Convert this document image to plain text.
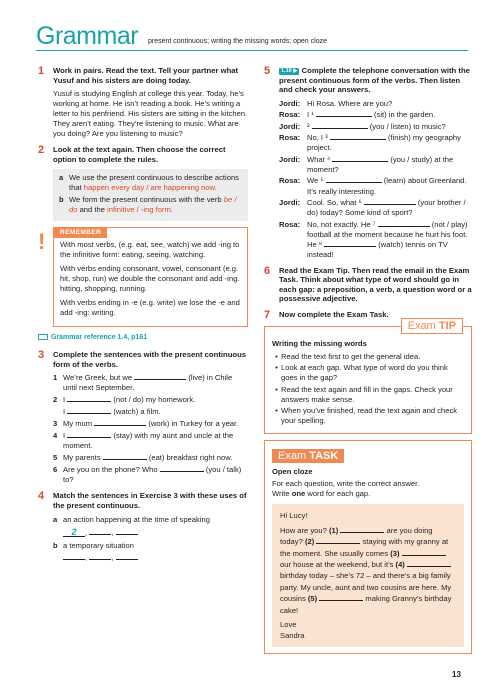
Grammar present continuous; writing the missing words; open cloze
1 Work in pairs. Read the text. Tell your partner what Yusuf and his sisters are doing today.

Yusuf is studying English at college this year. Today, he’s working at home. He isn’t reading a book. He’s writing a letter to his penfriend. His sisters are sitting in the kitchen. They aren’t eating. They’re listening to music. What are you doing? Are you listening to music?

2 Look at the text again. Then choose the correct option to complete the rules.
a We use the present continuous to describe actions that happen every day / are happening now.
b We form the present continuous with the verb be / do and the infinitive / -ing form.
!	REMEMBER

With most verbs, (e.g. eat, see, watch) we add -ing to the infinitive form: eating, seeing, watching.

With verbs ending consonant, vowel, consonant (e.g. hit, shop, run) we double the consonant and add -ing. hitting, shopping, running.

With verbs ending in -e (e.g. write) we lose the -e and add -ing: writing.

Grammar reference 1.4, p161
3 Complete the sentences with the present continuous form of the verbs.
1 We’re Greek, but we	(live) in Chile until next September.
2 I	(not / do) my homework.
I	(watch) a film.
3 My mum	(work) in Turkey for a year.
4 I	(stay) with my aunt and uncle at the moment.
5 My parents	(eat) breakfast right now.
6 Are you on the phone? Who	(you / talk) to?
4 Match the sentences in Exercise 3 with these uses of the present continuous.
a an action happening at the time of speaking
2 ,	,
b a temporary situation
,	,
5	1.10 ▶ Complete the telephone conversation with the present continuous form of the verbs. Then listen and check your answers.
Jordi: Hi Rosa. Where are you?
Rosa: I ¹	(sit) in the garden.
Jordi: ²	(you / listen) to music?
Rosa: No, I ³	(finish) my geography project.
Jordi: What ⁴	(you / study) at the moment?
Rosa: We ⁵	(learn) about Greenland. It’s really interesting.
Jordi: Cool. So, what ⁶	(your brother / do) today? Some kind of sport?
Rosa: No, not exactly. He ⁷	(not / play) football at the moment because he hurt his foot. He ⁸	(watch) tennis on TV instead!
6 Read the Exam Tip. Then read the email in the Exam Task. Think about what type of word should go in each gap: a preposition, a verb, a question word or a possessive adjective.
7 Now complete the Exam Task.
Exam TIP
Writing the missing words
• Read the text first to get the general idea.
• Look at each gap. What type of word do you think goes in the gap?
• Read the text again and fill in the gaps. Check your answers make sense.
• When you’ve finished, read the text again and check your spelling.
Exam TASK
Open cloze
For each question, write the correct answer.
Write one word for each gap.

Hi Lucy!

How are you? (1)	are you doing today? (2)	staying with my granny at the moment. She usually comes (3)  our house at the weekend, but it’s (4)  birthday today – she’s 72 – and there’s a big family party. My uncle, aunt and two cousins are here. My cousins (5)	making Granny’s birthday cake!

Love
Sandra

13
